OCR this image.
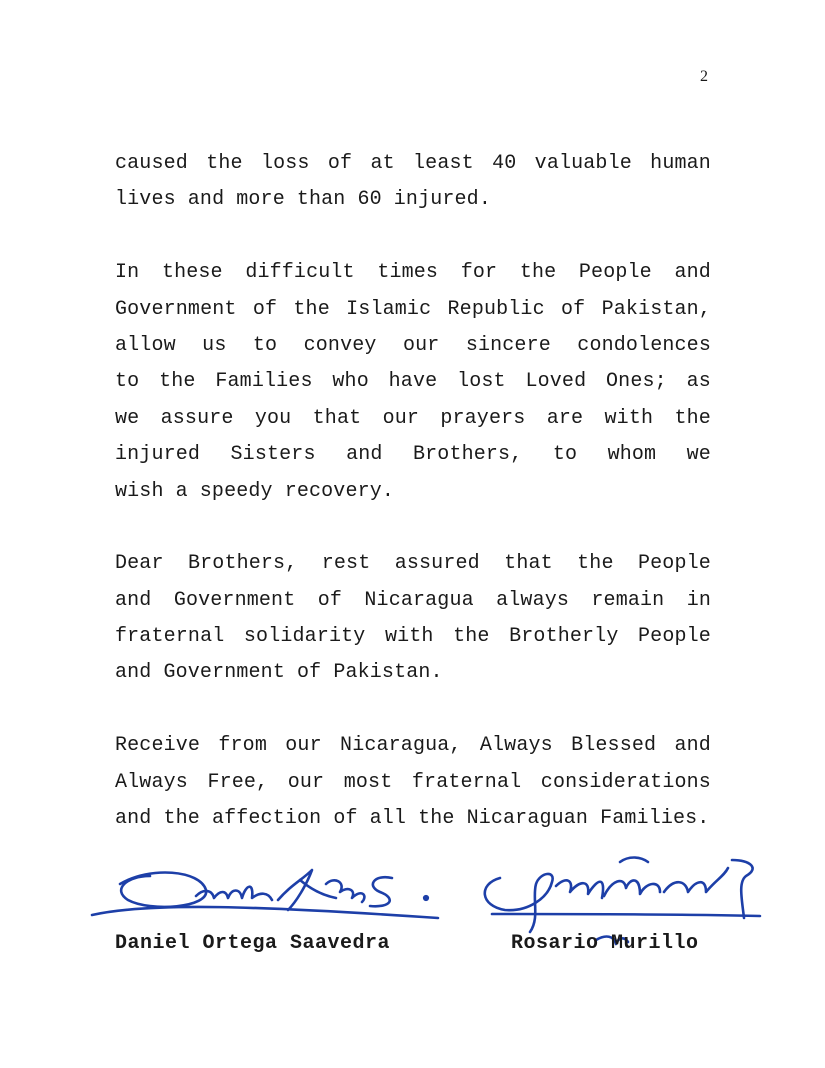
2
caused the loss of at least 40 valuable human
lives and more than 60 injured.
In these difficult times for the People and
Government of the Islamic Republic of Pakistan,
allow us to convey our sincere condolences
to the Families who have lost Loved Ones; as
we assure you that our prayers are with the
injured Sisters and Brothers, to whom we
wish a speedy recovery.
Dear Brothers, rest assured that the People
and Government of Nicaragua always remain in
fraternal solidarity with the Brotherly People
and Government of Pakistan.
Receive from our Nicaragua, Always Blessed and
Always Free, our most fraternal considerations
and the affection of all the Nicaraguan Families.
Daniel Ortega Saavedra	Rosario Murillo
